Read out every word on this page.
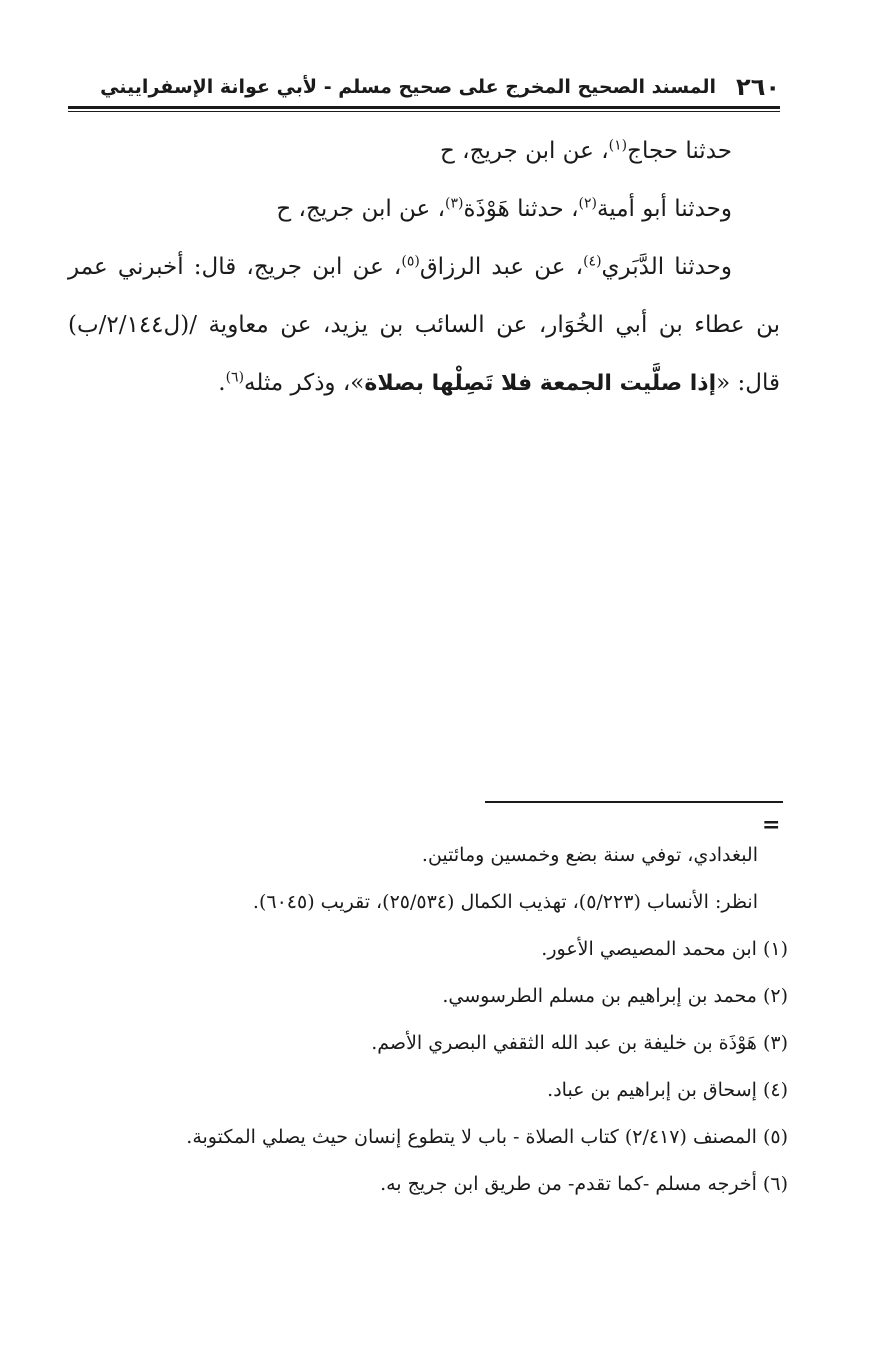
٢٦٠
المسند الصحيح المخرج على صحيح مسلم - لأبي عوانة الإسفراييني

حدثنا حجاج$^{(١)}$، عن ابن جريج، ح

وحدثنا أبو أمية$^{(٢)}$، حدثنا هَوْذَة$^{(٣)}$، عن ابن جريج، ح

وحدثنا الدَّبَري$^{(٤)}$، عن عبد الرزاق$^{(٥)}$، عن ابن جريج، قال: أخبرني عمر بن عطاء بن أبي الخُوَار، عن السائب بن يزيد، عن معاوية /(ل٢/١٤٤/ب) قال: «إذا صلَّيت الجمعة فلا تَصِلْها بصلاة»، وذكر مثله$^{(٦)}$.

=

البغدادي، توفي سنة بضع وخمسين ومائتين.

انظر: الأنساب (٥/٢٢٣)، تهذيب الكمال (٢٥/٥٣٤)، تقريب (٦٠٤٥).

(١) ابن محمد المصيصي الأعور.

(٢) محمد بن إبراهيم بن مسلم الطرسوسي.

(٣) هَوْذَة بن خليفة بن عبد الله الثقفي البصري الأصم.

(٤) إسحاق بن إبراهيم بن عباد.

(٥) المصنف (٢/٤١٧) كتاب الصلاة - باب لا يتطوع إنسان حيث يصلي المكتوبة.

(٦) أخرجه مسلم -كما تقدم- من طريق ابن جريج به.
